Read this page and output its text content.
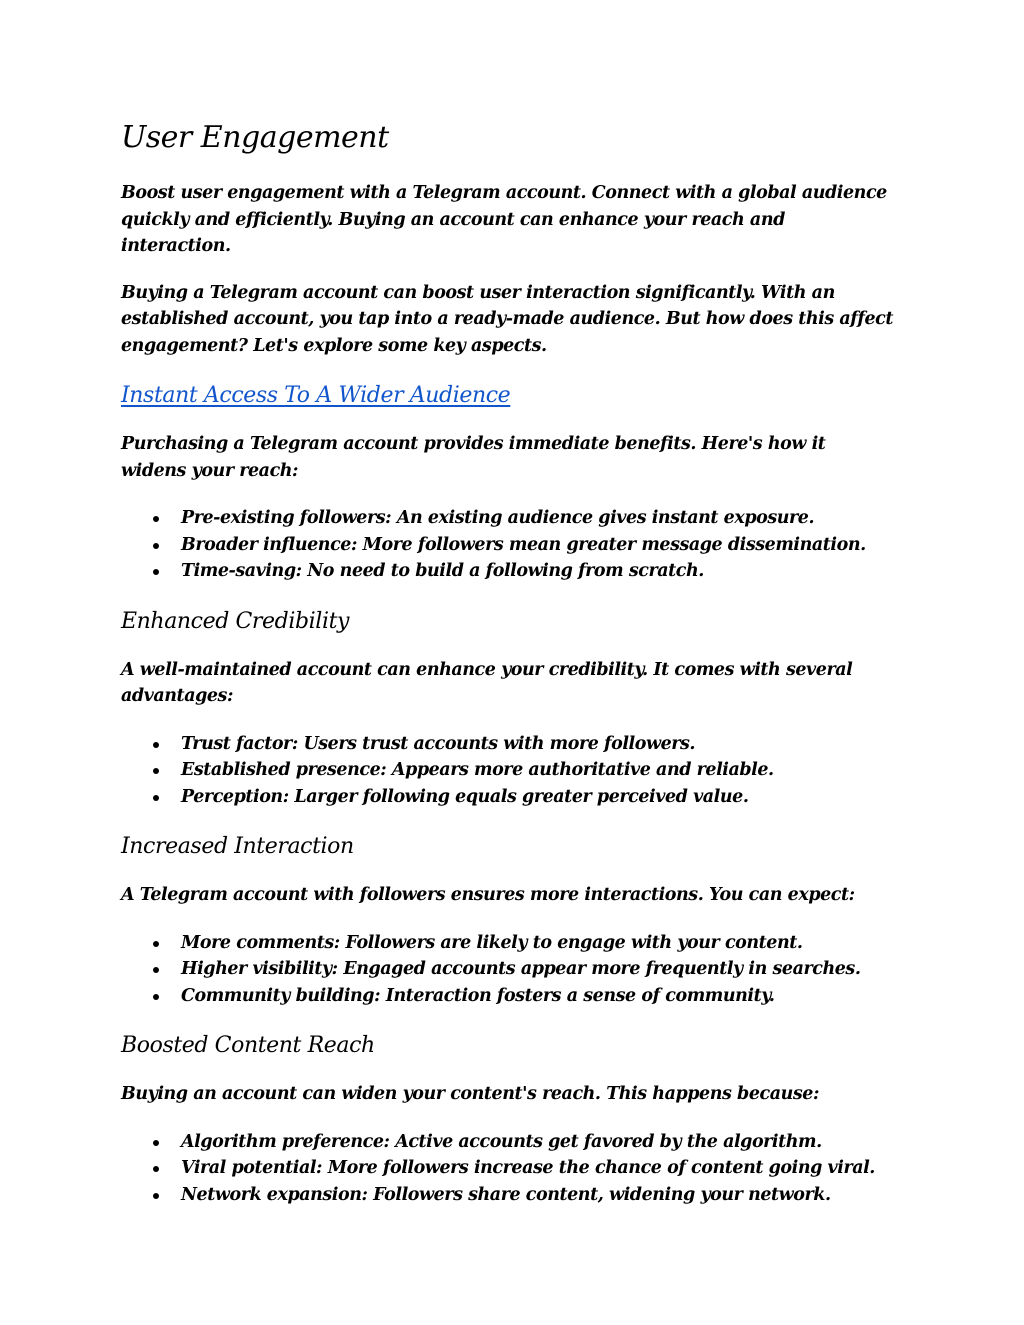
User Engagement

Boost user engagement with a Telegram account. Connect with a global audience quickly and efficiently. Buying an account can enhance your reach and interaction.

Buying a Telegram account can boost user interaction significantly. With an established account, you tap into a ready-made audience. But how does this affect engagement? Let's explore some key aspects.

Instant Access To A Wider Audience

Purchasing a Telegram account provides immediate benefits. Here's how it widens your reach:

Pre-existing followers: An existing audience gives instant exposure.
Broader influence: More followers mean greater message dissemination.
Time-saving: No need to build a following from scratch.
Enhanced Credibility

A well-maintained account can enhance your credibility. It comes with several advantages:

Trust factor: Users trust accounts with more followers.
Established presence: Appears more authoritative and reliable.
Perception: Larger following equals greater perceived value.
Increased Interaction

A Telegram account with followers ensures more interactions. You can expect:

More comments: Followers are likely to engage with your content.
Higher visibility: Engaged accounts appear more frequently in searches.
Community building: Interaction fosters a sense of community.
Boosted Content Reach

Buying an account can widen your content's reach. This happens because:

Algorithm preference: Active accounts get favored by the algorithm.
Viral potential: More followers increase the chance of content going viral.
Network expansion: Followers share content, widening your network.
